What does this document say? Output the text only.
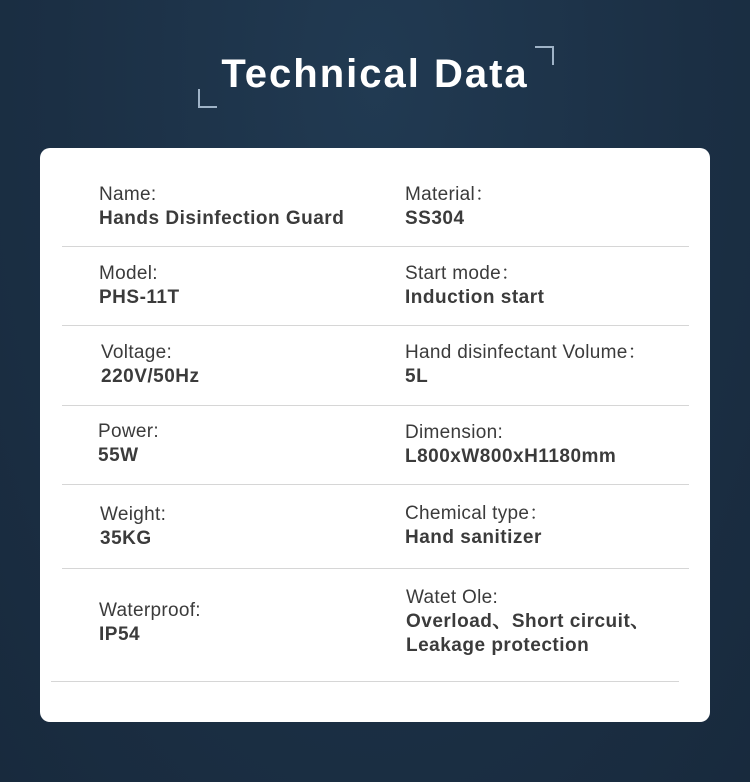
Technical Data
Name:
Hands Disinfection Guard
Material：
SS304
Model:
PHS-11T
Start mode：
Induction start
Voltage:
220V/50Hz
Hand disinfectant Volume：
5L
Power:
55W
Dimension:
L800xW800xH1180mm
Weight:
35KG
Chemical type：
Hand sanitizer
Waterproof:
IP54
Watet Ole:
Overload、Short circuit、
Leakage protection
